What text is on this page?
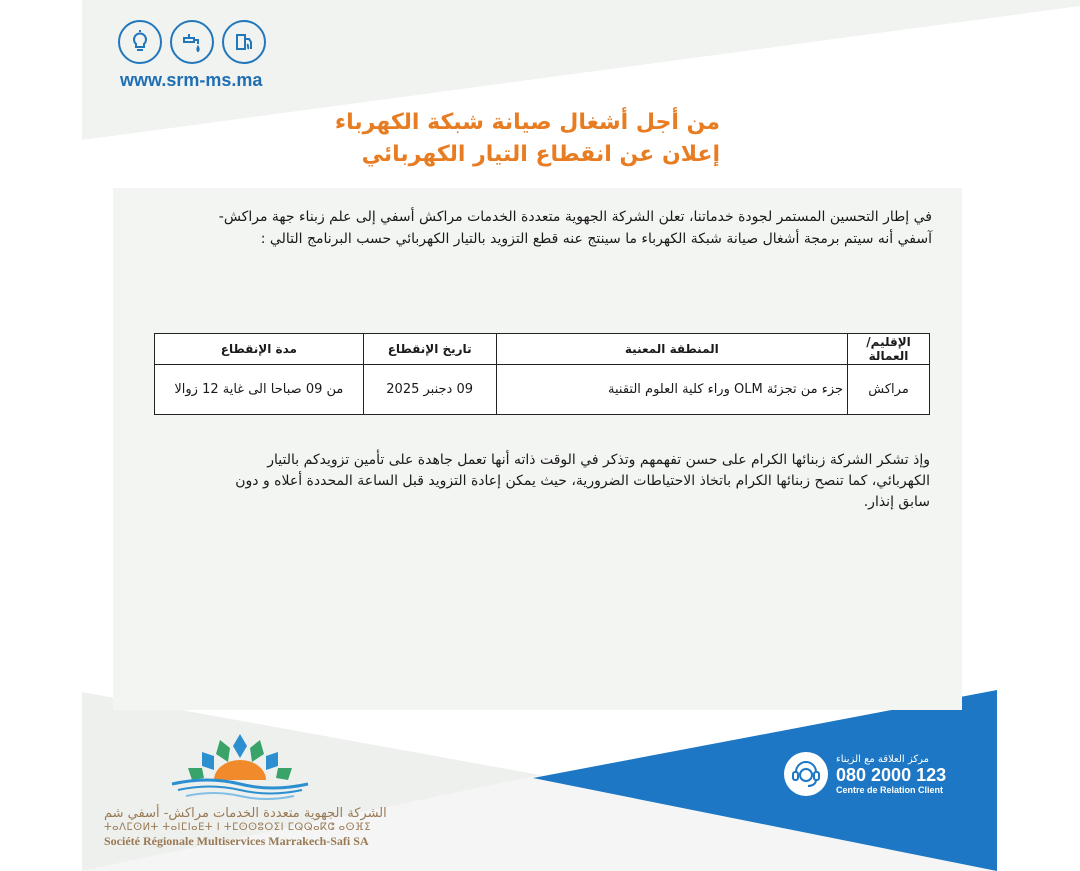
www.srm-ms.ma
من أجل أشغال صيانة شبكة الكهرباء
إعلان عن انقطاع التيار الكهربائي
في إطار التحسين المستمر لجودة خدماتنا، تعلن الشركة الجهوية متعددة الخدمات مراكش أسفي إلى علم زبناء جهة مراكش-
آسفي أنه سيتم برمجة أشغال صيانة شبكة الكهرباء ما سينتج عنه قطع التزويد بالتيار الكهربائي حسب البرنامج التالي :
الإقليم/العمالة	المنطقة المعنية	تاريخ الإنقطاع	مدة الإنقطاع
مراكش	جزء من تجزئة OLM وراء كلية العلوم التقنية	09 دجنبر 2025	من 09 صباحا الى غاية 12 زوالا
وإذ تشكر الشركة زبنائها الكرام على حسن تفهمهم وتذكر في الوقت ذاته أنها تعمل جاهدة على تأمين تزويدكم بالتيار
الكهربائي، كما تنصح زبنائها الكرام باتخاذ الاحتياطات الضرورية، حيث يمكن إعادة التزويد قبل الساعة المحددة أعلاه و دون
سابق إنذار.
الشركة الجهوية متعددة الخدمات مراكش- أسفي شم
ⵜⴰⴷⵎⵙⵍⵜ ⵜⴰⵏⵎⵏⴰⴹⵜ ⵏ ⵜⵎⵙⵙⵓⵔⵉⵏ ⵎⵕⵕⴰⴽⵛ ⴰⵙⴼⵉ
Société Régionale Multiservices Marrakech-Safi SA
مركز العلاقة مع الزبناء
080 2000 123
Centre de Relation Client
